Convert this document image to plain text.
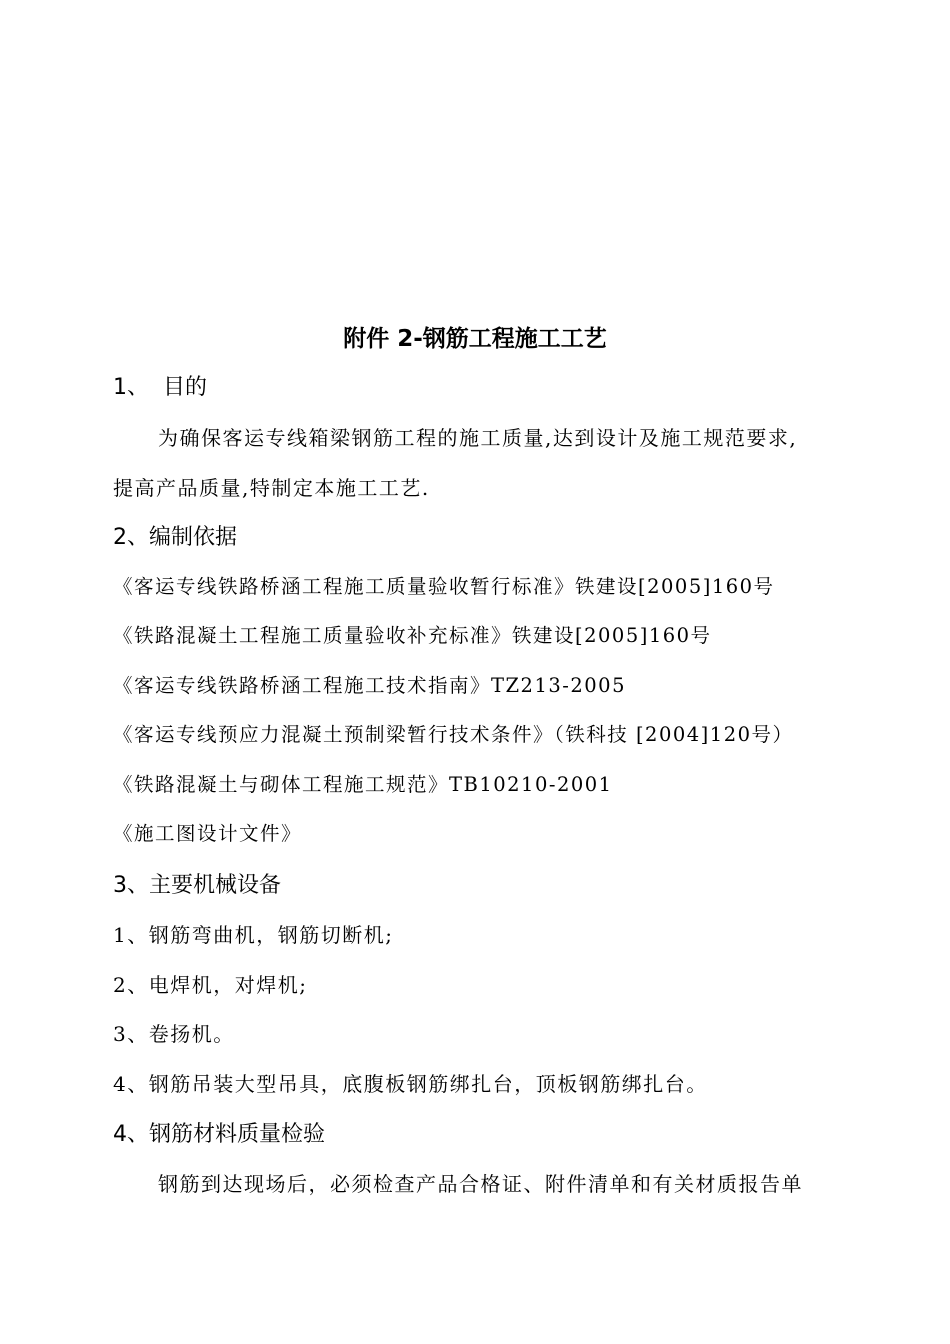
附件 2-钢筋工程施工工艺
1、 目的
为确保客运专线箱梁钢筋工程的施工质量,达到设计及施工规范要求,
提高产品质量,特制定本施工工艺.
2、编制依据
《客运专线铁路桥涵工程施工质量验收暂行标准》铁建设[2005]160号
《铁路混凝土工程施工质量验收补充标准》铁建设[2005]160号
《客运专线铁路桥涵工程施工技术指南》TZ213-2005
《客运专线预应力混凝土预制梁暂行技术条件》（铁科技 [2004]120号）
《铁路混凝土与砌体工程施工规范》TB10210-2001
《施工图设计文件》
3、主要机械设备
1、钢筋弯曲机，钢筋切断机;
2、电焊机，对焊机;
3、卷扬机。
4、钢筋吊装大型吊具，底腹板钢筋绑扎台，顶板钢筋绑扎台。
4、钢筋材料质量检验
钢筋到达现场后，必须检查产品合格证、附件清单和有关材质报告单
